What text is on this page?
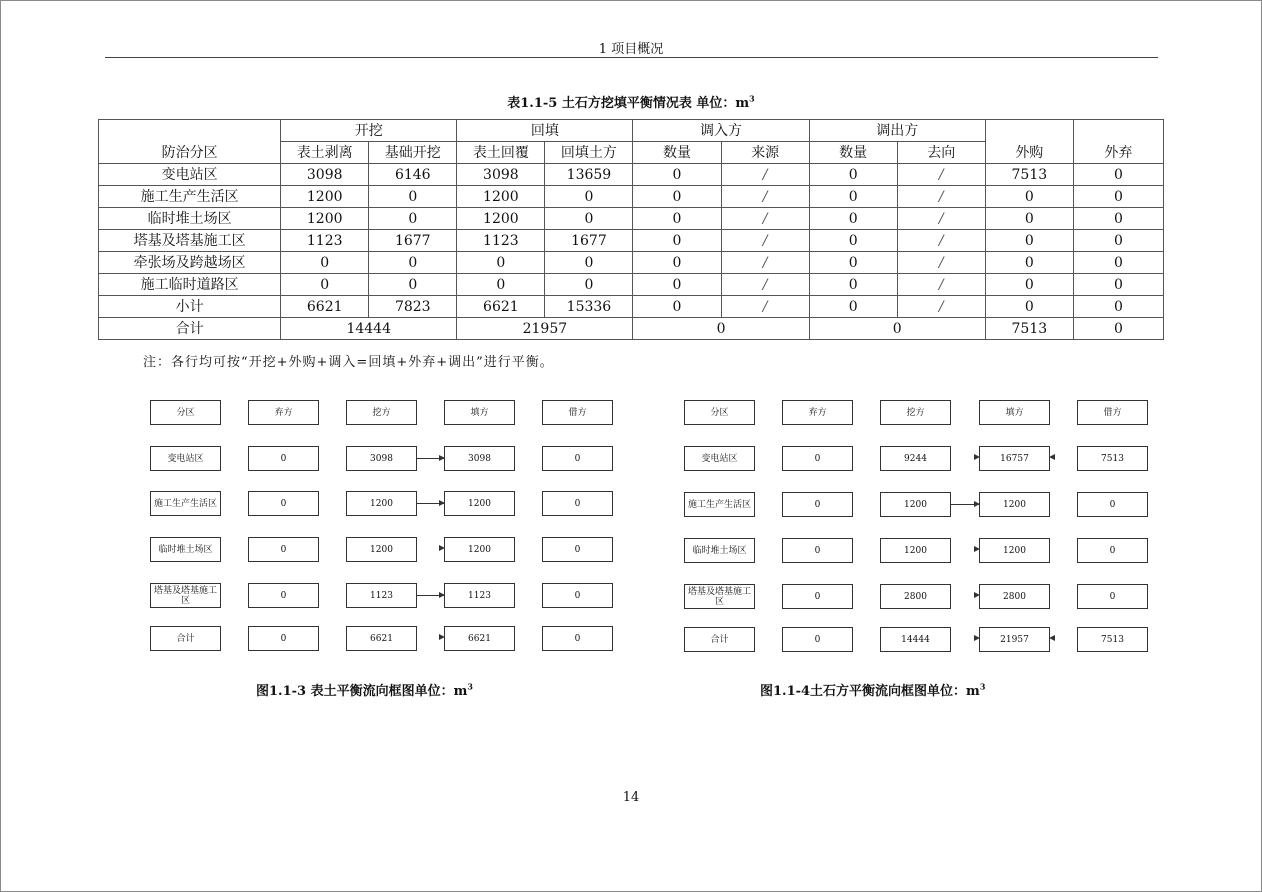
1 项目概况
表1.1-5 土石方挖填平衡情况表 单位：$m^3$
防治分区	开挖		回填		调入方		调出方		外购	外弃
	表土剥离	基础开挖	表土回覆	回填土方	数量	来源	数量	去向		
变电站区	3098	6146	3098	13659	0	/	0	/	7513	0
施工生产生活区	1200	0	1200	0	0	/	0	/	0	0
临时堆土场区	1200	0	1200	0	0	/	0	/	0	0
塔基及塔基施工区	1123	1677	1123	1677	0	/	0	/	0	0
牵张场及跨越场区	0	0	0	0	0	/	0	/	0	0
施工临时道路区	0	0	0	0	0	/	0	/	0	0
小计	6621	7823	6621	15336	0	/	0	/	0	0
合计	14444		21957		0		0		7513	0
注：各行均可按“开挖+外购+调入=回填+外弃+调出”进行平衡。
分区	弃方	挖方	填方	借方
变电站区	0	3098	3098	0
施工生产生活区	0	1200	1200	0
临时堆土场区	0	1200	1200	0
塔基及塔基施工区	0	1123	1123	0
合计	0	6621	6621	0
分区	弃方	挖方	填方	借方
变电站区	0	9244	16757	7513
施工生产生活区	0	1200	1200	0
临时堆土场区	0	1200	1200	0
塔基及塔基施工区	0	2800	2800	0
合计	0	14444	21957	7513
图1.1-3 表土平衡流向框图单位：$m^3$	图1.1-4土石方平衡流向框图单位：$m^3$
14
